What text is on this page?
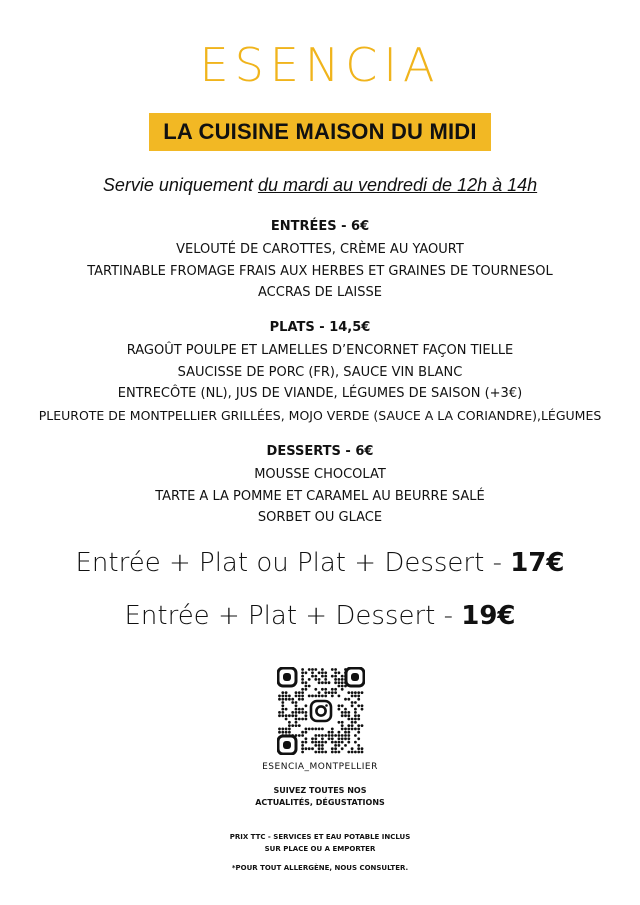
ESENCIA
LA CUISINE MAISON DU MIDI
Servie uniquement du mardi au vendredi de 12h à 14h
ENTRÉES - 6€
VELOUTÉ DE CAROTTES, CRÈME AU YAOURT
TARTINABLE FROMAGE FRAIS AUX HERBES ET GRAINES DE TOURNESOL
ACCRAS DE LAISSE
PLATS - 14,5€
RAGOÛT POULPE ET LAMELLES D’ENCORNET FAÇON TIELLE
SAUCISSE DE PORC (FR), SAUCE VIN BLANC
ENTRECÔTE (NL), JUS DE VIANDE, LÉGUMES DE SAISON (+3€)
PLEUROTE DE MONTPELLIER GRILLÉES, MOJO VERDE (SAUCE A LA CORIANDRE),LÉGUMES
DESSERTS - 6€
MOUSSE CHOCOLAT
TARTE A LA POMME ET CARAMEL AU BEURRE SALÉ
SORBET OU GLACE
Entrée + Plat ou Plat + Dessert - 17€
Entrée + Plat + Dessert - 19€
ESENCIA_MONTPELLIER
SUIVEZ TOUTES NOS
ACTUALITÉS, DÉGUSTATIONS
PRIX TTC - SERVICES ET EAU POTABLE INCLUS
SUR PLACE OU A EMPORTER
*POUR TOUT ALLERGÈNE, NOUS CONSULTER.
